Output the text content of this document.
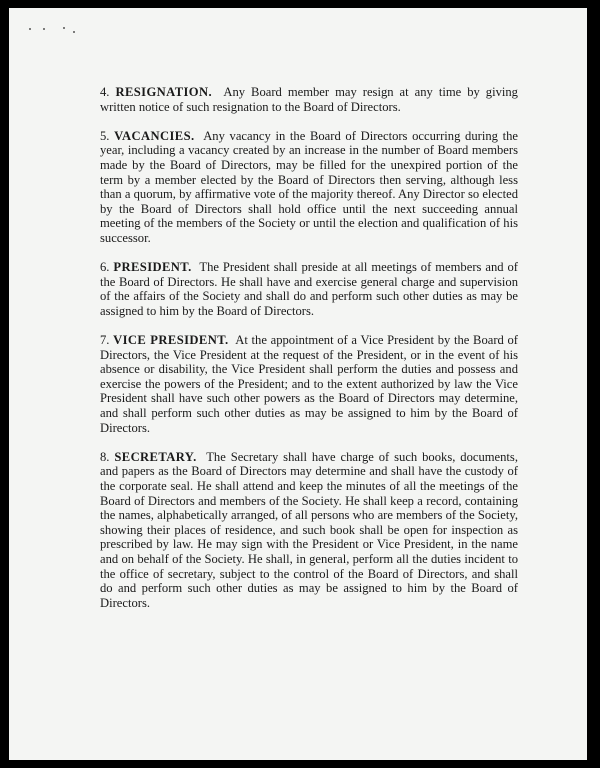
4. RESIGNATION. Any Board member may resign at any time by giving written notice of such resignation to the Board of Directors.

5. VACANCIES. Any vacancy in the Board of Directors occurring during the year, including a vacancy created by an increase in the number of Board members made by the Board of Directors, may be filled for the unexpired portion of the term by a member elected by the Board of Directors then serving, although less than a quorum, by affirmative vote of the majority thereof. Any Director so elected by the Board of Directors shall hold office until the next succeeding annual meeting of the members of the Society or until the election and qualification of his successor.

6. PRESIDENT. The President shall preside at all meetings of members and of the Board of Directors. He shall have and exercise general charge and supervision of the affairs of the Society and shall do and perform such other duties as may be assigned to him by the Board of Directors.

7. VICE PRESIDENT. At the appointment of a Vice President by the Board of Directors, the Vice President at the request of the President, or in the event of his absence or disability, the Vice President shall perform the duties and possess and exercise the powers of the President; and to the extent authorized by law the Vice President shall have such other powers as the Board of Directors may determine, and shall perform such other duties as may be assigned to him by the Board of Directors.

8. SECRETARY. The Secretary shall have charge of such books, documents, and papers as the Board of Directors may determine and shall have the custody of the corporate seal. He shall attend and keep the minutes of all the meetings of the Board of Directors and members of the Society. He shall keep a record, containing the names, alphabetically arranged, of all persons who are members of the Society, showing their places of residence, and such book shall be open for inspection as prescribed by law. He may sign with the President or Vice President, in the name and on behalf of the Society. He shall, in general, perform all the duties incident to the office of secretary, subject to the control of the Board of Directors, and shall do and perform such other duties as may be assigned to him by the Board of Directors.
